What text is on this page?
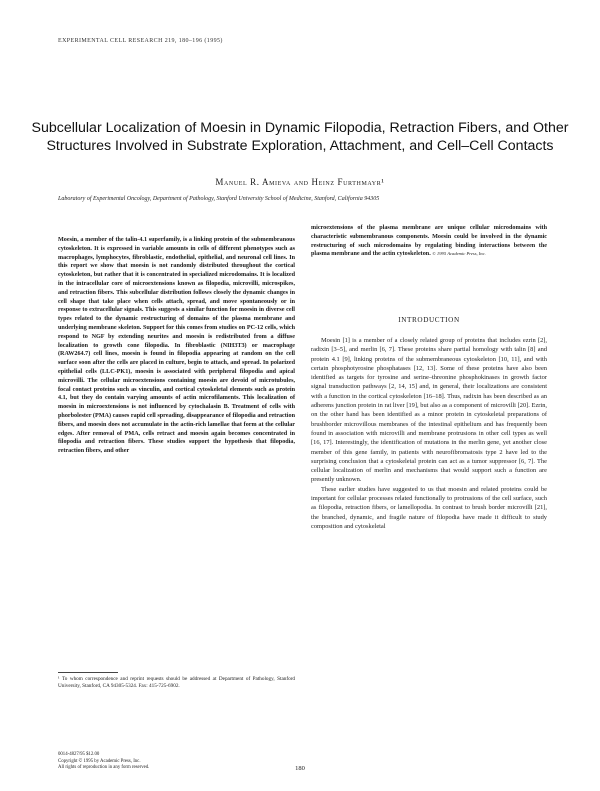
EXPERIMENTAL CELL RESEARCH 219, 180–196 (1995)
Subcellular Localization of Moesin in Dynamic Filopodia, Retraction Fibers, and Other Structures Involved in Substrate Exploration, Attachment, and Cell–Cell Contacts
Manuel R. Amieva and Heinz Furthmayr¹
Laboratory of Experimental Oncology, Department of Pathology, Stanford University School of Medicine, Stanford, California 94305

Moesin, a member of the talin-4.1 superfamily, is a linking protein of the submembranous cytoskeleton. It is expressed in variable amounts in cells of different phenotypes such as macrophages, lymphocytes, fibroblastic, endothelial, epithelial, and neuronal cell lines. In this report we show that moesin is not randomly distributed throughout the cortical cytoskeleton, but rather that it is concentrated in specialized microdomains. It is localized in the intracellular core of microextensions known as filopodia, microvilli, microspikes, and retraction fibers. This subcellular distribution follows closely the dynamic changes in cell shape that take place when cells attach, spread, and move spontaneously or in response to extracellular signals. This suggests a similar function for moesin in diverse cell types related to the dynamic restructuring of domains of the plasma membrane and underlying membrane skeleton. Support for this comes from studies on PC-12 cells, which respond to NGF by extending neurites and moesin is redistributed from a diffuse localization to growth cone filopodia. In fibroblastic (NIH3T3) or macrophage (RAW264.7) cell lines, moesin is found in filopodia appearing at random on the cell surface soon after the cells are placed in culture, begin to attach, and spread. In polarized epithelial cells (LLC-PK1), moesin is associated with peripheral filopodia and apical microvilli. The cellular microextensions containing moesin are devoid of microtubules, focal contact proteins such as vinculin, and cortical cytoskeletal elements such as protein 4.1, but they do contain varying amounts of actin microfilaments. This localization of moesin in microextensions is not influenced by cytochalasin B. Treatment of cells with phorbolester (PMA) causes rapid cell spreading, disappearance of filopodia and retraction fibers, and moesin does not accumulate in the actin-rich lamellae that form at the cellular edges. After removal of PMA, cells retract and moesin again becomes concentrated in filopodia and retraction fibers. These studies support the hypothesis that filopodia, retraction fibers, and other

microextensions of the plasma membrane are unique cellular microdomains with characteristic submembranous components. Moesin could be involved in the dynamic restructuring of such microdomains by regulating binding interactions between the plasma membrane and the actin cytoskeleton. © 1995 Academic Press, Inc.

INTRODUCTION

Moesin [1] is a member of a closely related group of proteins that includes ezrin [2], radixin [3–5], and merlin [6, 7]. These proteins share partial homology with talin [8] and protein 4.1 [9], linking proteins of the submembraneous cytoskeleton [10, 11], and with certain phosphotyrosine phosphatases [12, 13]. Some of these proteins have also been identified as targets for tyrosine and serine–threonine phosphokinases in growth factor signal transduction pathways [2, 14, 15] and, in general, their localizations are consistent with a function in the cortical cytoskeleton [16–18]. Thus, radixin has been described as an adherens junction protein in rat liver [19], but also as a component of microvilli [20]. Ezrin, on the other hand has been identified as a minor protein in cytoskeletal preparations of brushborder microvillous membranes of the intestinal epithelium and has frequently been found in association with microvilli and membrane protrusions in other cell types as well [16, 17]. Interestingly, the identification of mutations in the merlin gene, yet another close member of this gene family, in patients with neurofibromatosis type 2 have led to the surprising conclusion that a cytoskeletal protein can act as a tumor suppressor [6, 7]. The cellular localization of merlin and mechanisms that would support such a function are presently unknown.

These earlier studies have suggested to us that moesin and related proteins could be important for cellular processes related functionally to protrusions of the cell surface, such as filopodia, retraction fibers, or lamellopodia. In contrast to brush border microvilli [21], the branched, dynamic, and fragile nature of filopodia have made it difficult to study composition and cytoskeletal

¹ To whom correspondence and reprint requests should be addressed at Department of Pathology, Stanford University, Stanford, CA 94305-5324. Fax: 415-725-6902.

0014-4827/95 $12.00
Copyright © 1995 by Academic Press, Inc.
All rights of reproduction in any form reserved.	180
